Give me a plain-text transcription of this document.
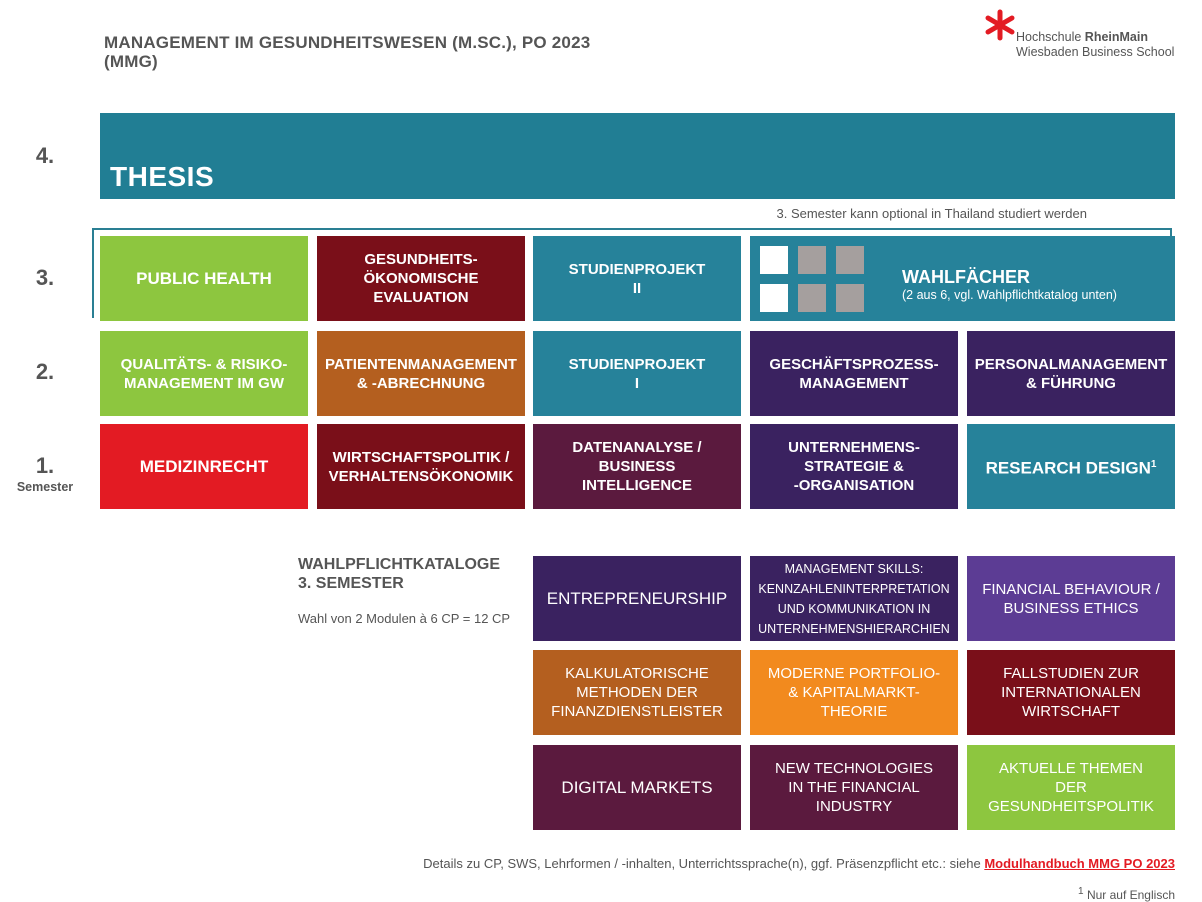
MANAGEMENT IM GESUNDHEITSWESEN (M.SC.), PO 2023
(MMG)
Hochschule RheinMain
Wiesbaden Business School
4.
3.
2.
1.
Semester
THESIS
3. Semester kann optional in Thailand studiert werden
PUBLIC HEALTH
GESUNDHEITS-
ÖKONOMISCHE
EVALUATION
STUDIENPROJEKT
II
WAHLFÄCHER
(2 aus 6, vgl. Wahlpflichtkatalog unten)
QUALITÄTS- & RISIKO-
MANAGEMENT IM GW
PATIENTENMANAGEMENT
& -ABRECHNUNG
STUDIENPROJEKT
I
GESCHÄFTSPROZESS-
MANAGEMENT
PERSONALMANAGEMENT
& FÜHRUNG
MEDIZINRECHT	WIRTSCHAFTSPOLITIK /
VERHALTENSÖKONOMIK
DATENANALYSE /
BUSINESS
INTELLIGENCE
UNTERNEHMENS-
STRATEGIE &
-ORGANISATION
RESEARCH DESIGN$^1$
WAHLPFLICHTKATALOGE
3. SEMESTER
Wahl von 2 Modulen à 6 CP = 12 CP
ENTREPRENEURSHIP
MANAGEMENT SKILLS:
KENNZAHLENINTERPRETATION
UND KOMMUNIKATION IN
UNTERNEHMENSHIERARCHIEN
FINANCIAL BEHAVIOUR /
BUSINESS ETHICS
KALKULATORISCHE
METHODEN DER
FINANZDIENSTLEISTER
MODERNE PORTFOLIO-
& KAPITALMARKT-
THEORIE
FALLSTUDIEN ZUR
INTERNATIONALEN
WIRTSCHAFT
DIGITAL MARKETS
NEW TECHNOLOGIES
IN THE FINANCIAL
INDUSTRY
AKTUELLE THEMEN
DER
GESUNDHEITSPOLITIK
Details zu CP, SWS, Lehrformen / -inhalten, Unterrichtssprache(n), ggf. Präsenzpflicht etc.: siehe Modulhandbuch MMG PO 2023
$^1$ Nur auf Englisch
